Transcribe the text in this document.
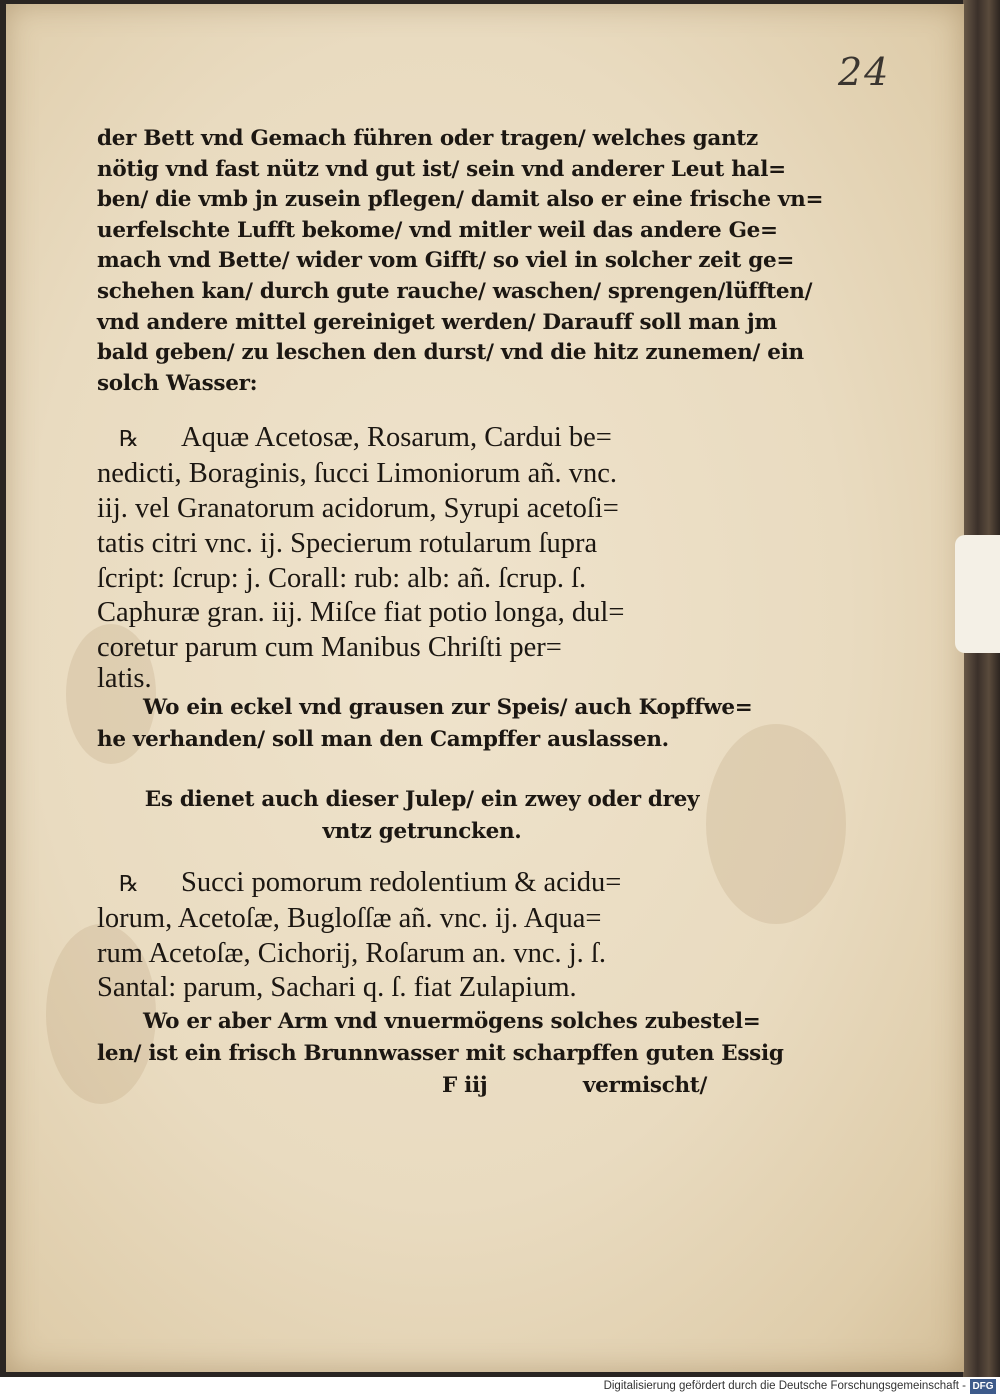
24
der Bett vnd Gemach führen oder tragen/ welches gantz
nötig vnd fast nütz vnd gut ist/ sein vnd anderer Leut hal=
ben/ die vmb jn zusein pflegen/ damit also er eine frische vn=
uerfelschte Lufft bekome/ vnd mitler weil das andere Ge=
mach vnd Bette/ wider vom Gifft/ so viel in solcher zeit ge=
schehen kan/ durch gute rauche/ waschen/ sprengen/lüfften/
vnd andere mittel gereiniget werden/ Darauff soll man jm
bald geben/ zu leschen den durst/ vnd die hitz zunemen/ ein
solch Wasser:
℞ Aquæ Acetosæ, Rosarum, Cardui be=
nedicti, Boraginis, ſucci Limoniorum añ. vnc.
iij. vel Granatorum acidorum, Syrupi acetoſi=
tatis citri vnc. ij. Specierum rotularum ſupra
ſcript: ſcrup: j. Corall: rub: alb: añ. ſcrup. ſ.
Caphuræ gran. iij. Miſce fiat potio longa, dul=
coretur parum cum Manibus Chriſti per=
latis.
Wo ein eckel vnd grausen zur Speis/ auch Kopffwe=
he verhanden/ soll man den Campffer auslassen.
Es dienet auch dieser Julep/ ein zwey oder drey
vntz getruncken.
℞ Succi pomorum redolentium & acidu=
lorum, Acetoſæ, Bugloſſæ añ. vnc. ij. Aqua=
rum Acetoſæ, Cichorij, Roſarum an. vnc. j. ſ.
Santal: parum, Sachari q. ſ. fiat Zulapium.
Wo er aber Arm vnd vnuermögens solches zubestel=
len/ ist ein frisch Brunnwasser mit scharpffen guten Essig
F iij	vermischt/
Digitalisierung gefördert durch die Deutsche Forschungsgemeinschaft - DFG
